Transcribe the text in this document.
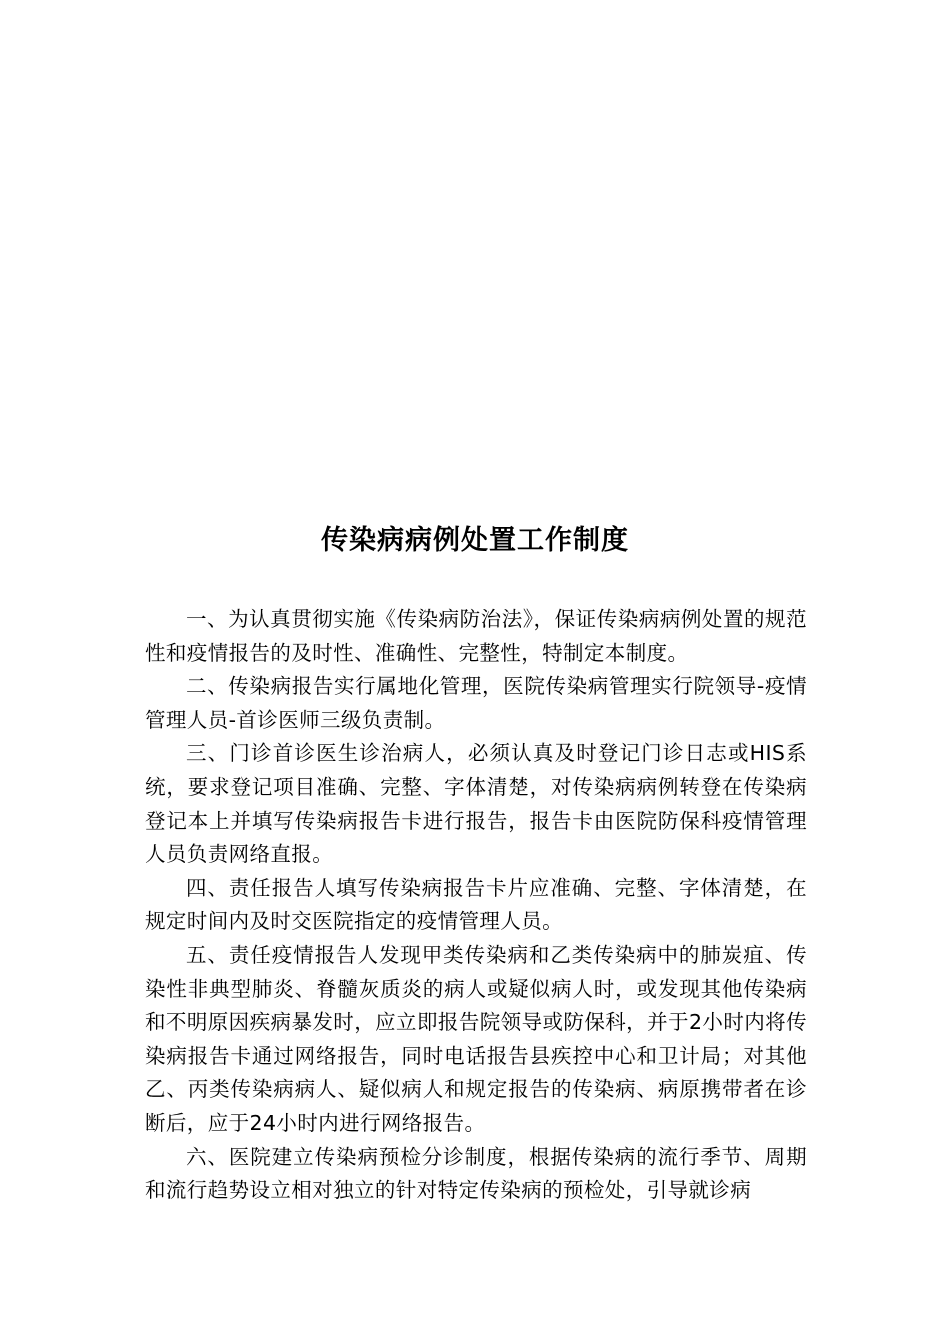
传染病病例处置工作制度

一、为认真贯彻实施《传染病防治法》，保证传染病病例处置的规范性和疫情报告的及时性、准确性、完整性，特制定本制度。

二、传染病报告实行属地化管理，医院传染病管理实行院领导-疫情管理人员-首诊医师三级负责制。

三、门诊首诊医生诊治病人，必须认真及时登记门诊日志或HIS系统，要求登记项目准确、完整、字体清楚，对传染病病例转登在传染病登记本上并填写传染病报告卡进行报告，报告卡由医院防保科疫情管理人员负责网络直报。

四、责任报告人填写传染病报告卡片应准确、完整、字体清楚，在规定时间内及时交医院指定的疫情管理人员。

五、责任疫情报告人发现甲类传染病和乙类传染病中的肺炭疽、传染性非典型肺炎、脊髓灰质炎的病人或疑似病人时，或发现其他传染病和不明原因疾病暴发时，应立即报告院领导或防保科，并于2小时内将传染病报告卡通过网络报告，同时电话报告县疾控中心和卫计局；对其他乙、丙类传染病病人、疑似病人和规定报告的传染病、病原携带者在诊断后，应于24小时内进行网络报告。

六、医院建立传染病预检分诊制度，根据传染病的流行季节、周期和流行趋势设立相对独立的针对特定传染病的预检处，引导就诊病
